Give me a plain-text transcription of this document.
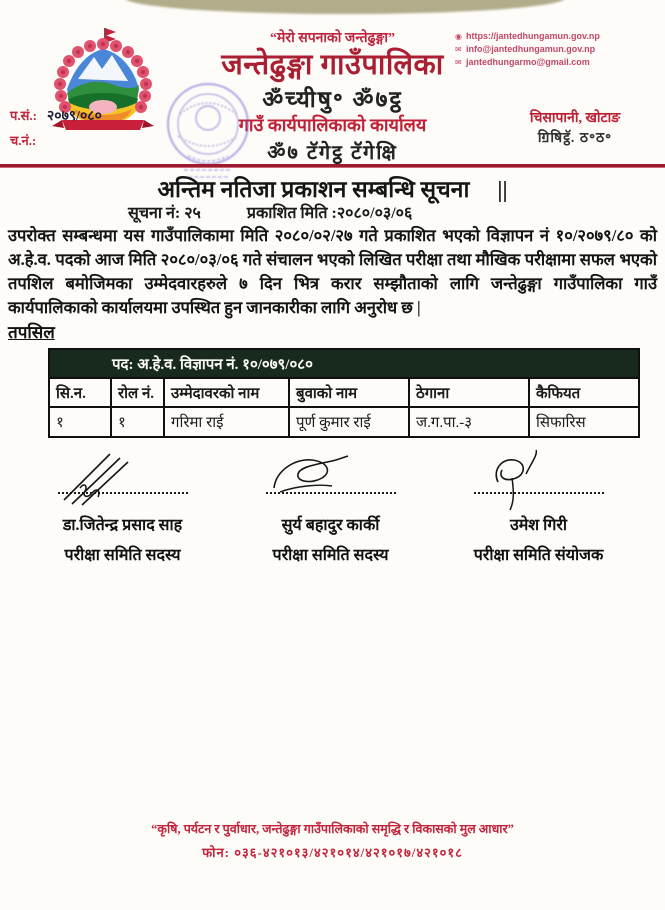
“मेरो सपनाको जन्तेढुङ्गा”
जन्तेढुङ्गा गाउँपालिका
ॐच्यीषु॰ ॐ७ट्ठ
गाउँ कार्यपालिकाको कार्यालय
ॐ७ टॅगेट्ठ टॅगेक्षि
प.सं.: २०७९/०८०
च.नं.:
◉ https://jantedhungamun.gov.np
✉ info@jantedhungamun.gov.np
✉ jantedhungarmo@gmail.com
चिसापानी, खोटाङ
ॻिषिट्ठॅ. ठ॰ठ॰
अन्तिम नतिजा प्रकाशन सम्बन्धि सूचना ||
सूचना नं: २५	प्रकाशित मिति :२०८०/०३/०६
उपरोक्त सम्बन्धमा यस गाउँपालिकामा मिति २०८०/०२/२७ गते प्रकाशित भएको विज्ञापन नं १०/२०७९/८० को अ.हे.व. पदको आज मिति २०८०/०३/०६ गते संचालन भएको लिखित परीक्षा तथा मौखिक परीक्षामा सफल भएको तपशिल बमोजिमका उम्मेदवारहरुले ७ दिन भित्र करार सम्झौताको लागि जन्तेढुङ्गा गाउँपालिका गाउँ कार्यपालिकाको कार्यालयमा उपस्थित हुन जानकारीका लागि अनुरोध छ |
तपसिल
पद: अ.हे.व. विज्ञापन नं. १०/०७९/०८०					
सि.न.	रोल नं.	उम्मेदावरको नाम	बुवाको नाम	ठेगाना	कैफियत
१	१	गरिमा राई	पूर्ण कुमार राई	ज.ग.पा.-३	सिफारिस
डा.जितेन्द्र प्रसाद साह
परीक्षा समिति सदस्य
सुर्य बहादुर कार्की
परीक्षा समिति सदस्य
उमेश गिरी
परीक्षा समिति संयोजक
“कृषि, पर्यटन र पुर्वाधार, जन्तेढुङ्गा गाउँपालिकाको समृद्धि र विकासको मुल आधार”
फोन: ०३६-४२१०१३/४२१०१४/४२१०१७/४२१०१८
